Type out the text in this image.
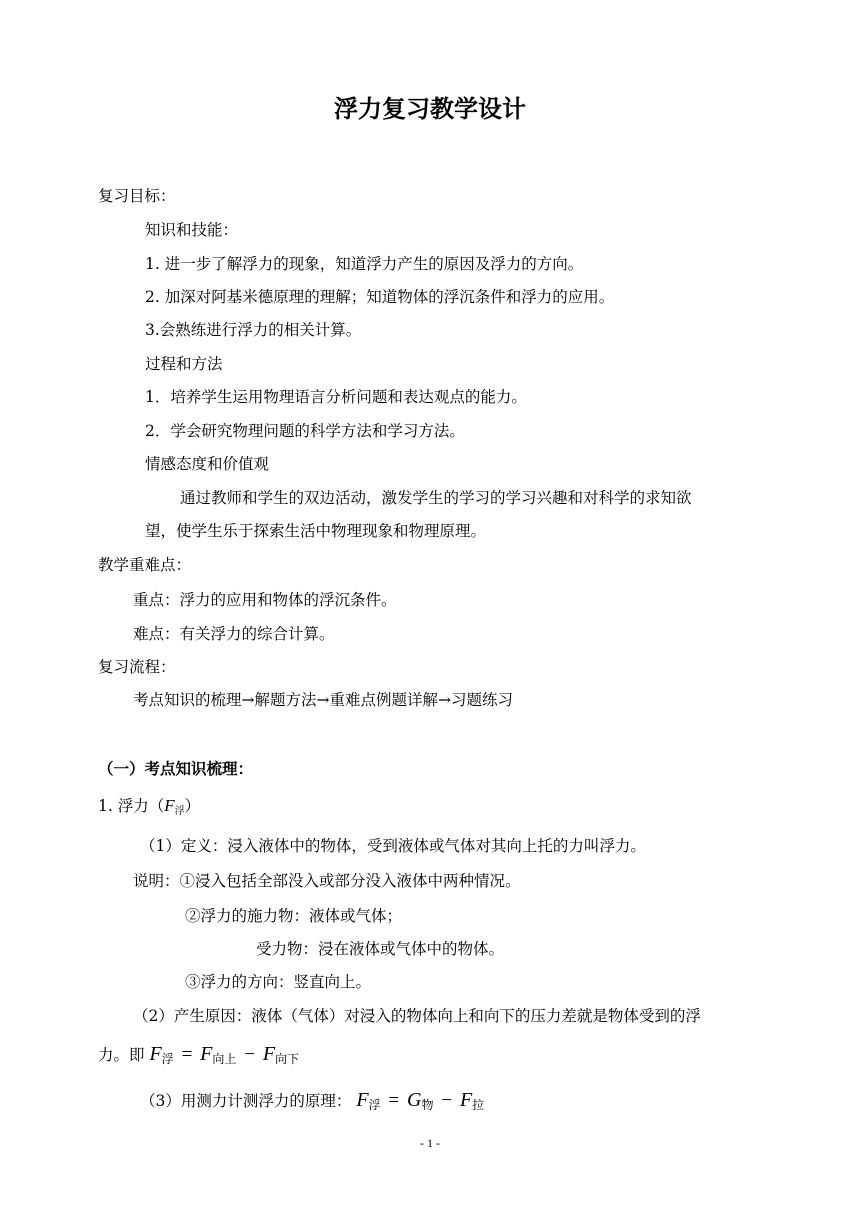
浮力复习教学设计
复习目标：
知识和技能：
1. 进一步了解浮力的现象，知道浮力产生的原因及浮力的方向。
2. 加深对阿基米德原理的理解；知道物体的浮沉条件和浮力的应用。
3.会熟练进行浮力的相关计算。
过程和方法
1．培养学生运用物理语言分析问题和表达观点的能力。
2．学会研究物理问题的科学方法和学习方法。
情感态度和价值观
通过教师和学生的双边活动，激发学生的学习的学习兴趣和对科学的求知欲
望，使学生乐于探索生活中物理现象和物理原理。
教学重难点：
重点：浮力的应用和物体的浮沉条件。
难点：有关浮力的综合计算。
复习流程：
考点知识的梳理→解题方法→重难点例题详解→习题练习
（一）考点知识梳理：
1. 浮力（F浮）
（1）定义：浸入液体中的物体，受到液体或气体对其向上托的力叫浮力。
说明：①浸入包括全部没入或部分没入液体中两种情况。
②浮力的施力物：液体或气体；
受力物：浸在液体或气体中的物体。
③浮力的方向：竖直向上。
（2）产生原因：液体（气体）对浸入的物体向上和向下的压力差就是物体受到的浮
力。即 F浮 = F向上 − F向下
（3）用测力计测浮力的原理： F浮 = G物 − F拉
- 1 -
